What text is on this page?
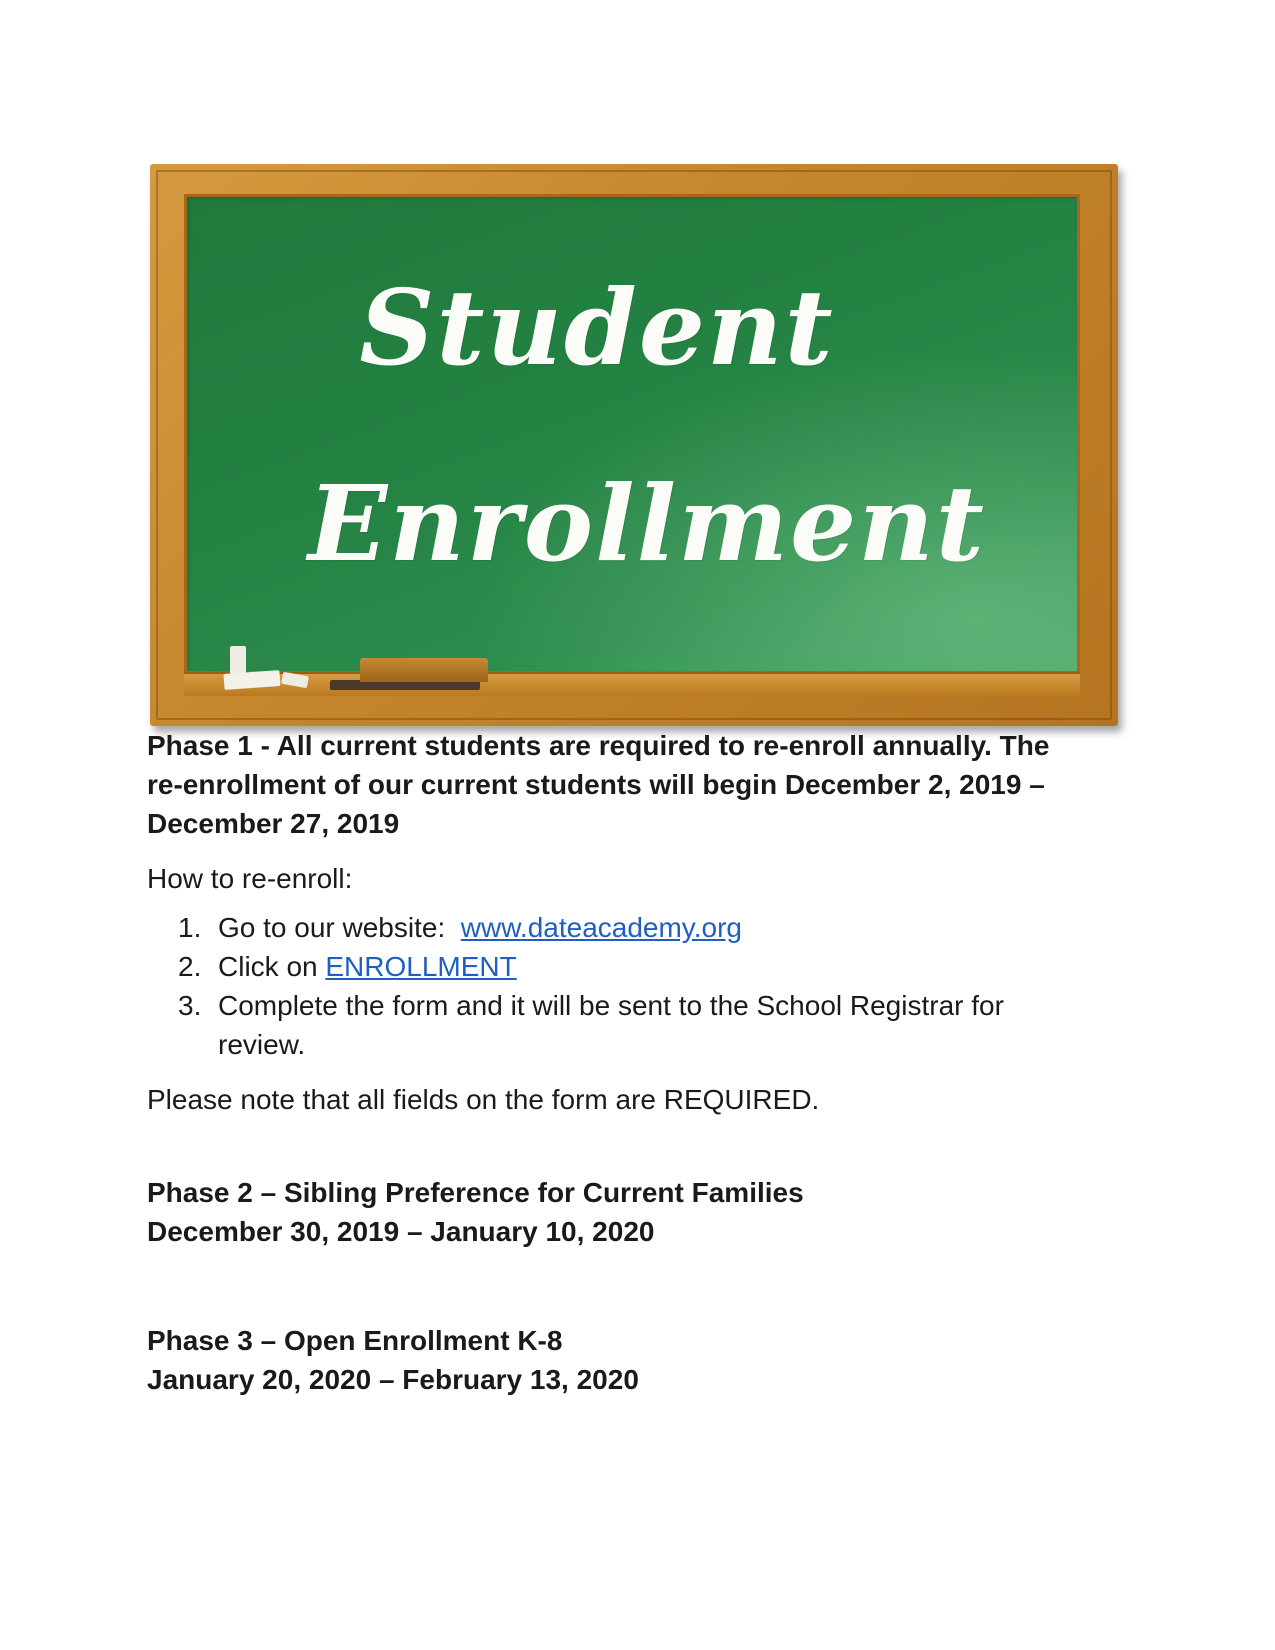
Student
Enrollment

Phase 1 - All current students are required to re-enroll annually. The re-enrollment of our current students will begin December 2, 2019 – December 27, 2019

How to re-enroll:

1. Go to our website:  www.dateacademy.org
2. Click on ENROLLMENT
3. Complete the form and it will be sent to the School Registrar for review.

Please note that all fields on the form are REQUIRED.

Phase 2 – Sibling Preference for Current Families
December 30, 2019 – January 10, 2020

Phase 3 – Open Enrollment K-8
January 20, 2020 – February 13, 2020
